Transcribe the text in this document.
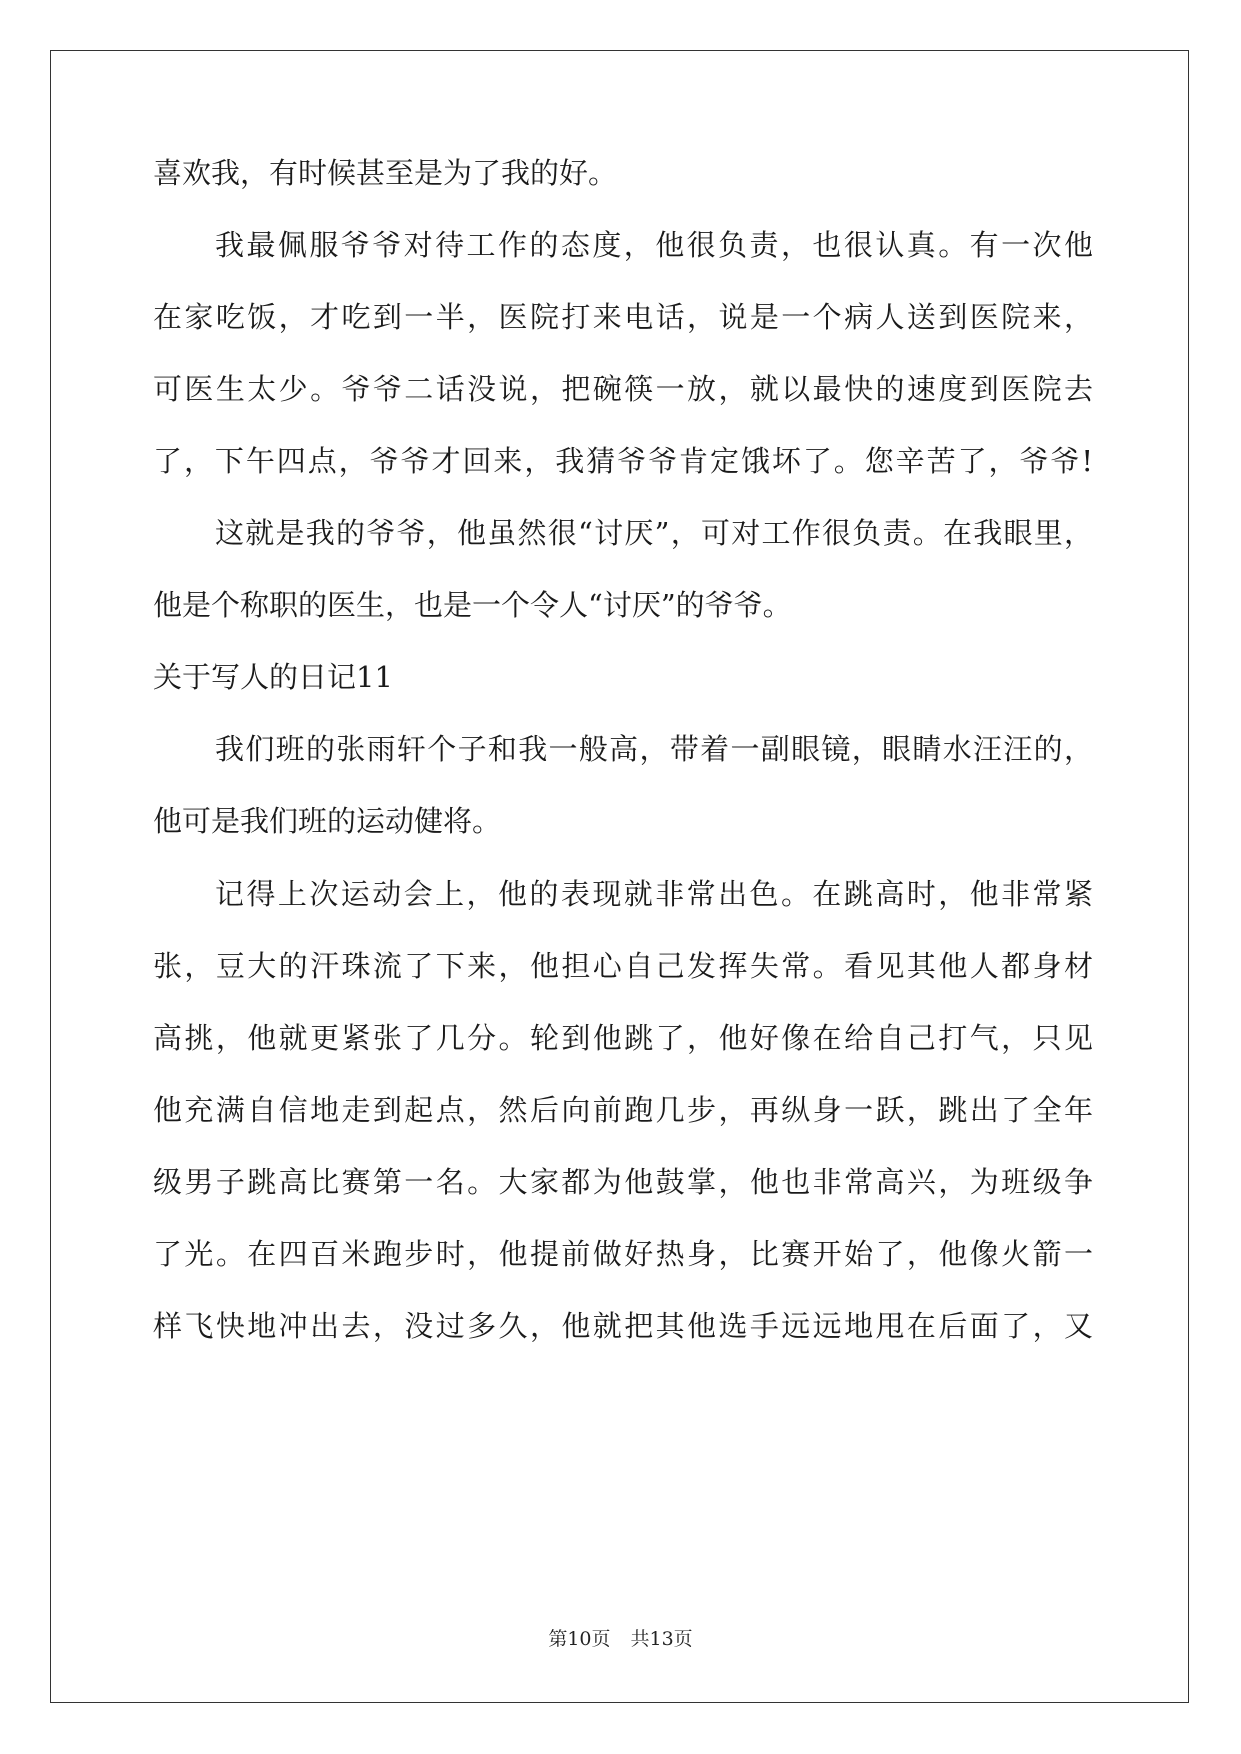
喜欢我，有时候甚至是为了我的好。
我最佩服爷爷对待工作的态度，他很负责，也很认真。有一次他
在家吃饭，才吃到一半，医院打来电话，说是一个病人送到医院来，
可医生太少。爷爷二话没说，把碗筷一放，就以最快的速度到医院去
了，下午四点，爷爷才回来，我猜爷爷肯定饿坏了。您辛苦了，爷爷!
这就是我的爷爷，他虽然很“讨厌”，可对工作很负责。在我眼里，
他是个称职的医生，也是一个令人“讨厌”的爷爷。
关于写人的日记11
我们班的张雨轩个子和我一般高，带着一副眼镜，眼睛水汪汪的，
他可是我们班的运动健将。
记得上次运动会上，他的表现就非常出色。在跳高时，他非常紧
张，豆大的汗珠流了下来，他担心自己发挥失常。看见其他人都身材
高挑，他就更紧张了几分。轮到他跳了，他好像在给自己打气，只见
他充满自信地走到起点，然后向前跑几步，再纵身一跃，跳出了全年
级男子跳高比赛第一名。大家都为他鼓掌，他也非常高兴，为班级争
了光。在四百米跑步时，他提前做好热身，比赛开始了，他像火箭一
样飞快地冲出去，没过多久，他就把其他选手远远地甩在后面了，又
第10页 共13页
